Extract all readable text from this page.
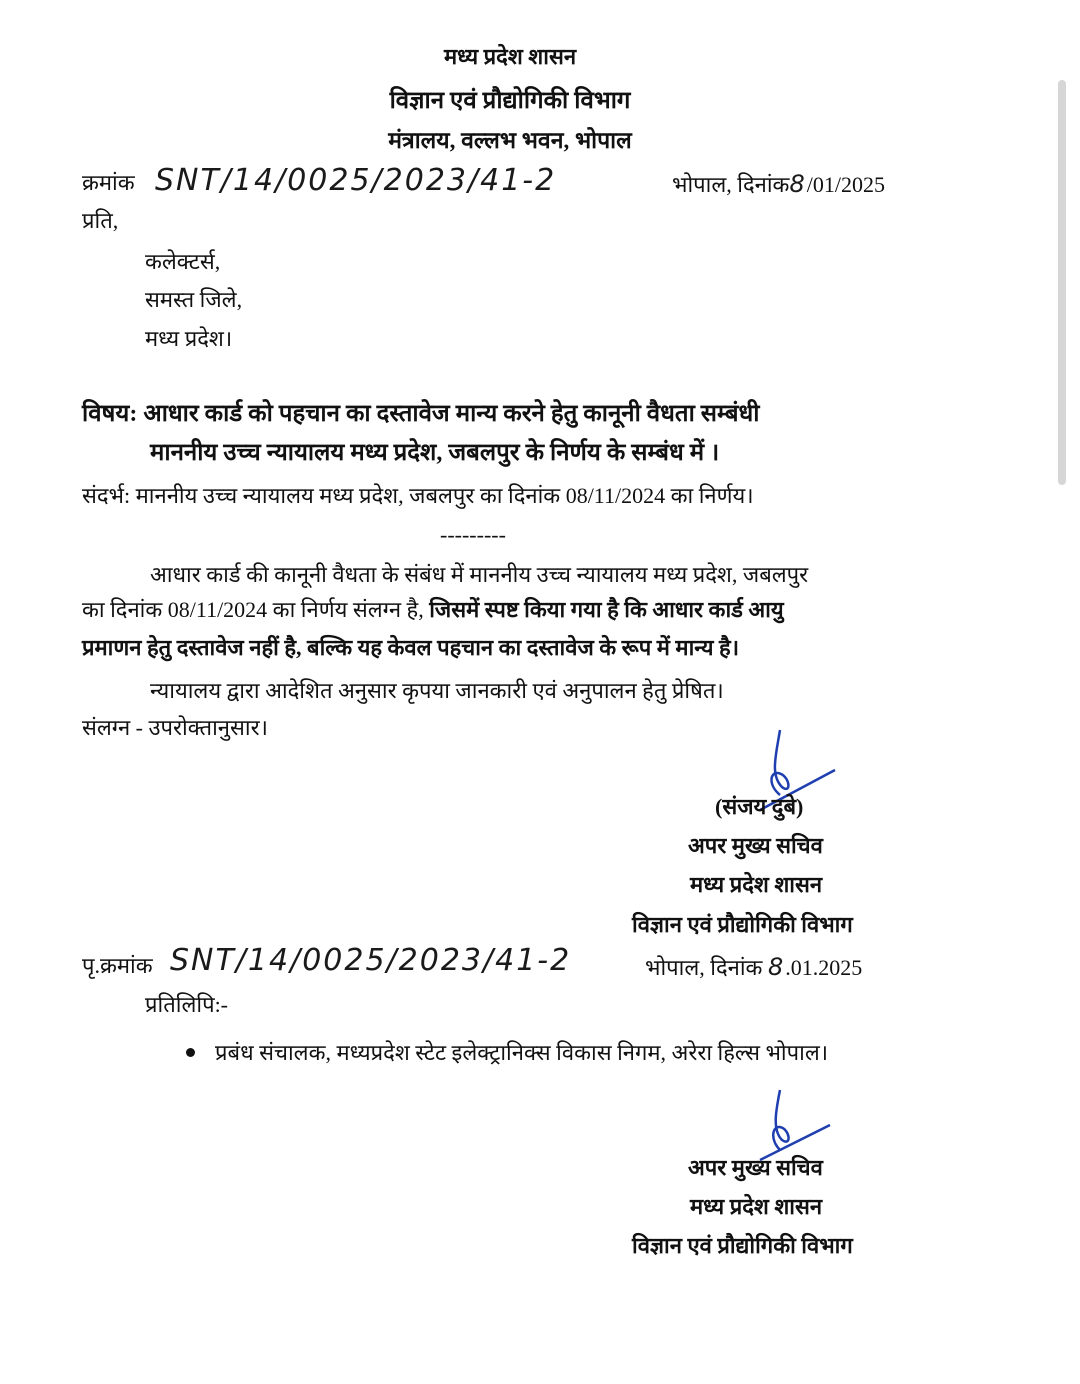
मध्य प्रदेश शासन
विज्ञान एवं प्रौद्योगिकी विभाग
मंत्रालय, वल्लभ भवन, भोपाल
क्रमांक SNT/14/0025/2023/41-2	भोपाल, दिनांक8/01/2025
प्रति,
कलेक्टर्स,
समस्त जिले,
मध्य प्रदेश।
विषय: आधार कार्ड को पहचान का दस्तावेज मान्य करने हेतु कानूनी वैधता सम्बंधी
माननीय उच्च न्यायालय मध्य प्रदेश, जबलपुर के निर्णय के सम्बंध में ।
संदर्भ: माननीय उच्च न्यायालय मध्य प्रदेश, जबलपुर का दिनांक 08/11/2024 का निर्णय।
---------
आधार कार्ड की कानूनी वैधता के संबंध में माननीय उच्च न्यायालय मध्य प्रदेश, जबलपुर
का दिनांक 08/11/2024 का निर्णय संलग्न है, जिसमें स्पष्ट किया गया है कि आधार कार्ड आयु
प्रमाणन हेतु दस्तावेज नहीं है, बल्कि यह केवल पहचान का दस्तावेज के रूप में मान्य है।
न्यायालय द्वारा आदेशित अनुसार कृपया जानकारी एवं अनुपालन हेतु प्रेषित।
संलग्न - उपरोक्तानुसार।
(संजय दुबे)
अपर मुख्य सचिव
मध्य प्रदेश शासन
विज्ञान एवं प्रौद्योगिकी विभाग
पृ.क्रमांक SNT/14/0025/2023/41-2	भोपाल, दिनांक 8.01.2025
प्रतिलिपि:-
प्रबंध संचालक, मध्यप्रदेश स्टेट इलेक्ट्रानिक्स विकास निगम, अरेरा हिल्स भोपाल।
अपर मुख्य सचिव
मध्य प्रदेश शासन
विज्ञान एवं प्रौद्योगिकी विभाग
